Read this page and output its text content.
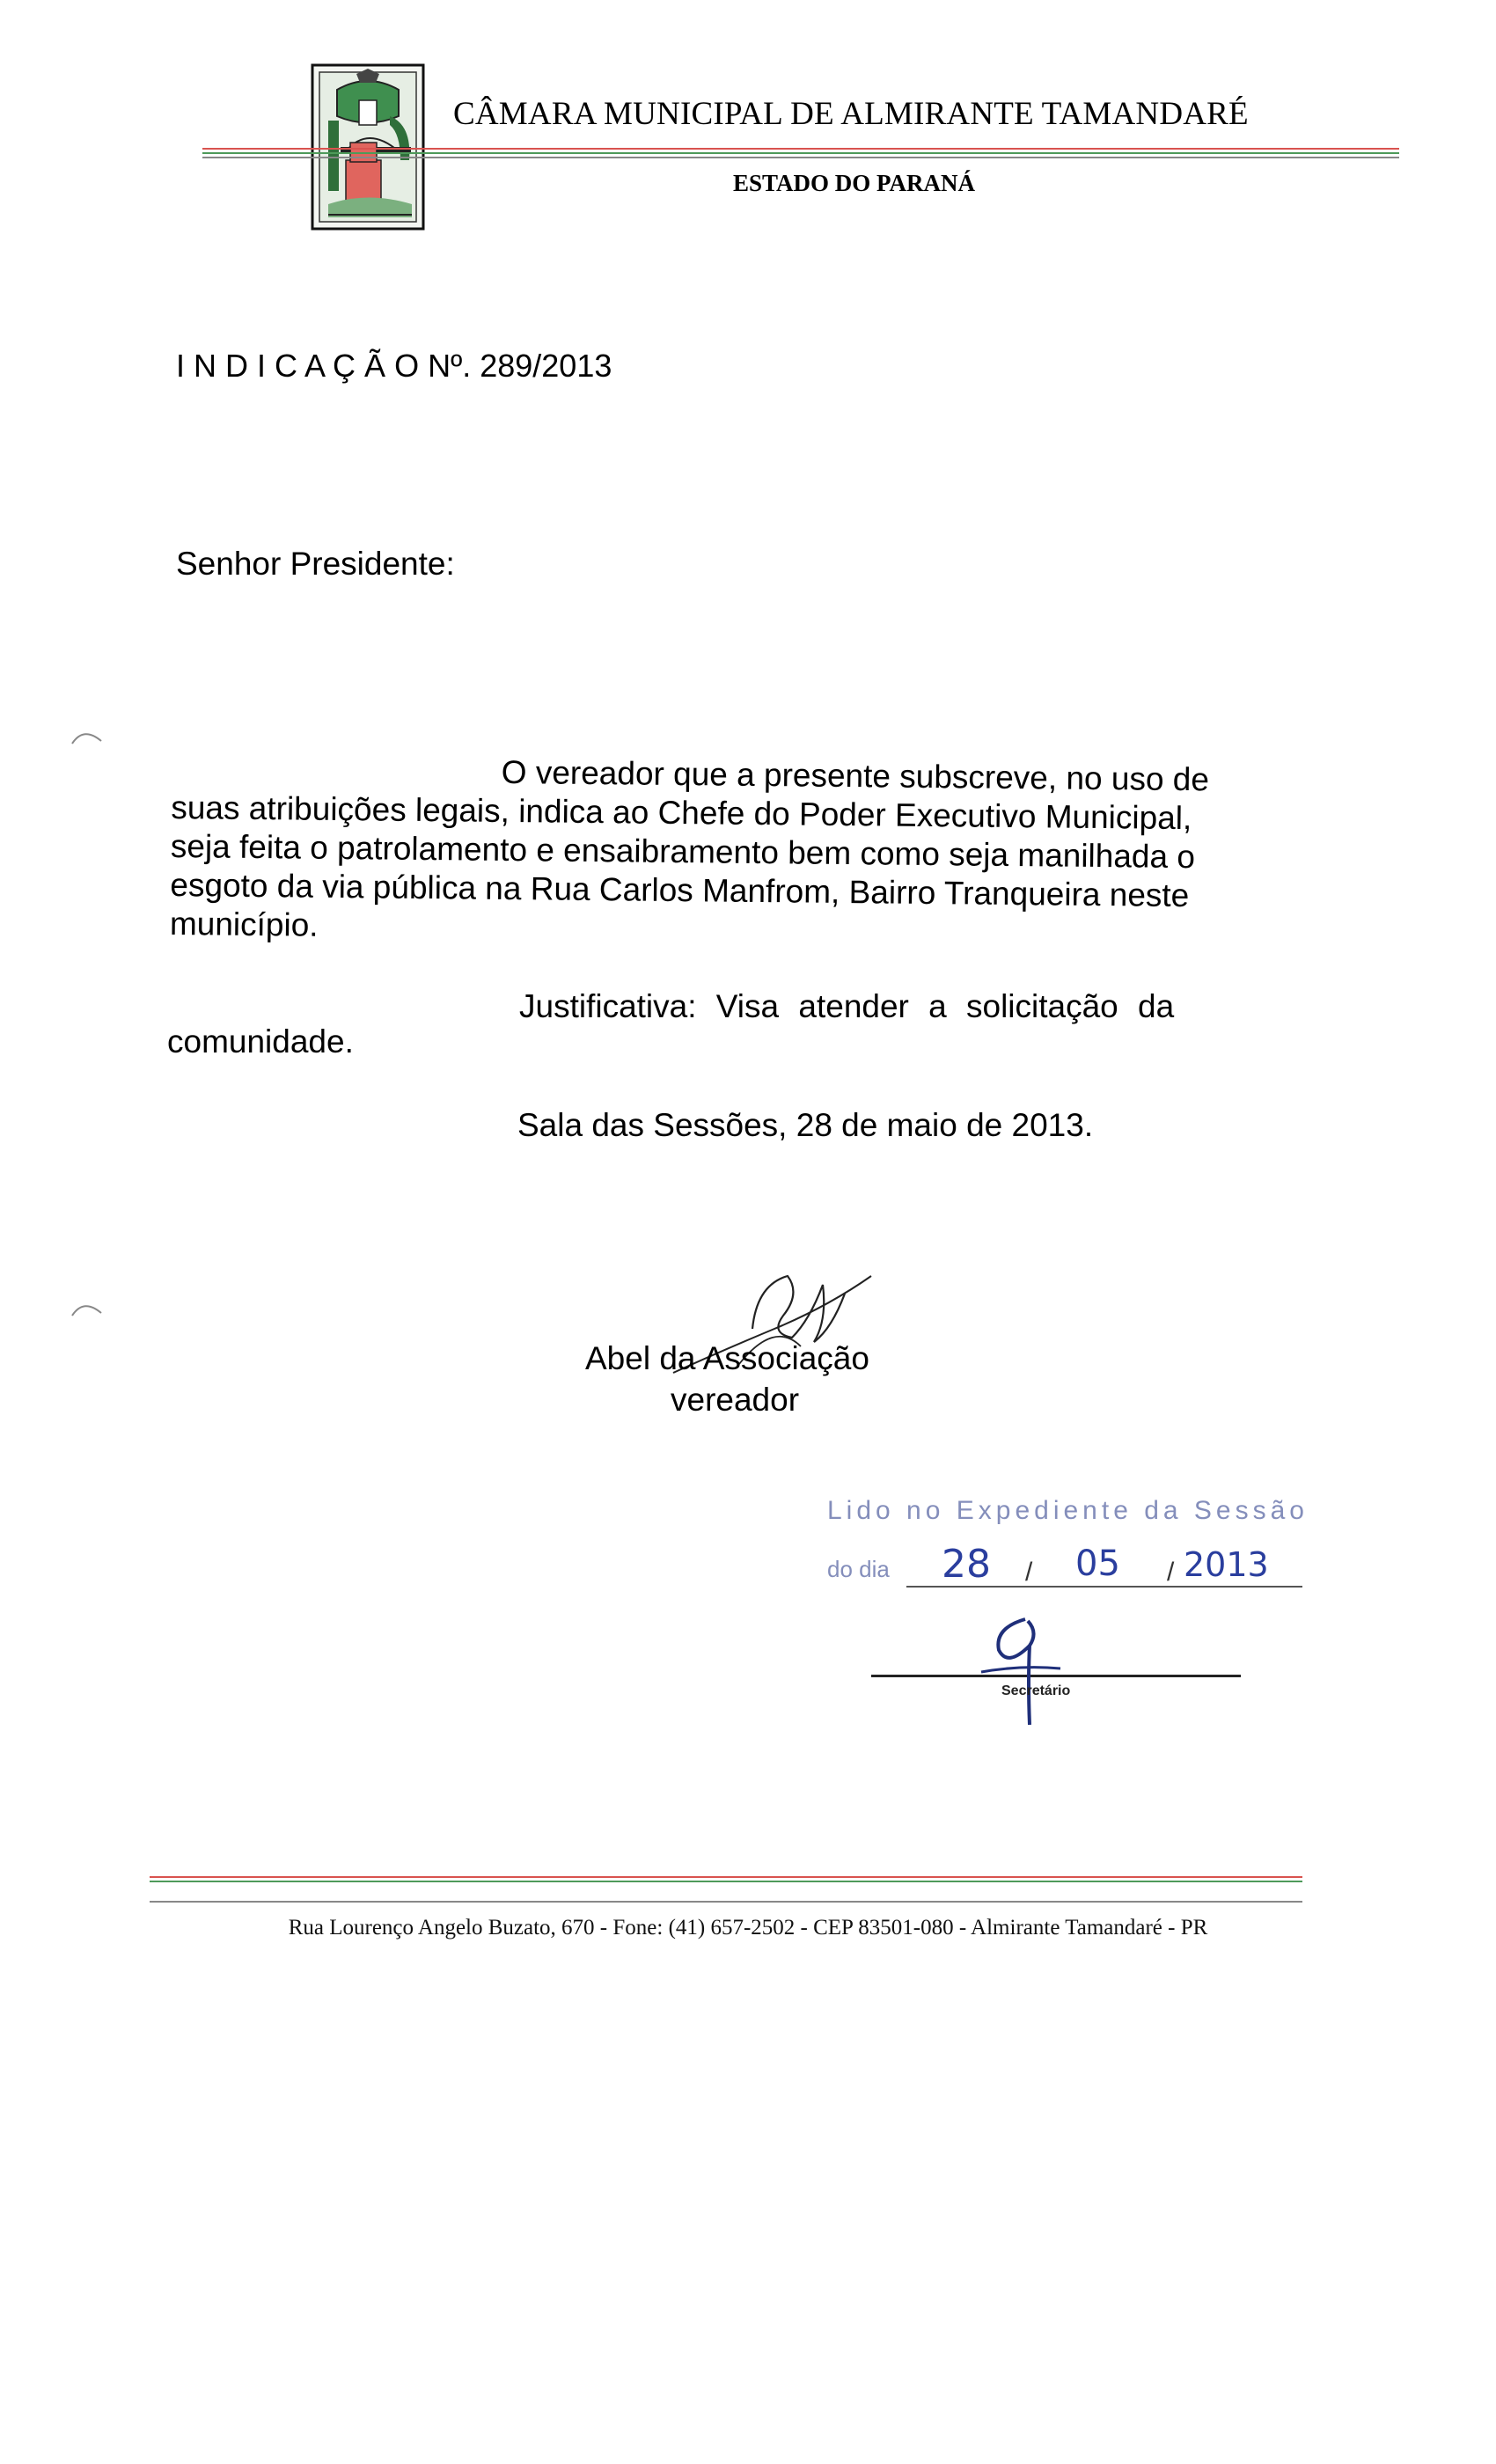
CÂMARA MUNICIPAL DE ALMIRANTE TAMANDARÉ
ESTADO DO PARANÁ
I N D I C A Ç Ã O Nº. 289/2013
Senhor Presidente:
O vereador que a presente subscreve, no uso de
suas atribuições legais, indica ao Chefe do Poder Executivo Municipal,
seja feita o patrolamento e ensaibramento bem como seja manilhada o
esgoto da via pública na Rua Carlos Manfrom, Bairro Tranqueira neste
município.
Justificativa: Visa atender a solicitação da
comunidade.
Sala das Sessões, 28 de maio de 2013.
Abel da Associação
vereador
Lido no Expediente da Sessão
do dia 28 / 05 / 2013
Secretário
Rua Lourenço Angelo Buzato, 670 - Fone: (41) 657-2502 - CEP 83501-080 - Almirante Tamandaré - PR
